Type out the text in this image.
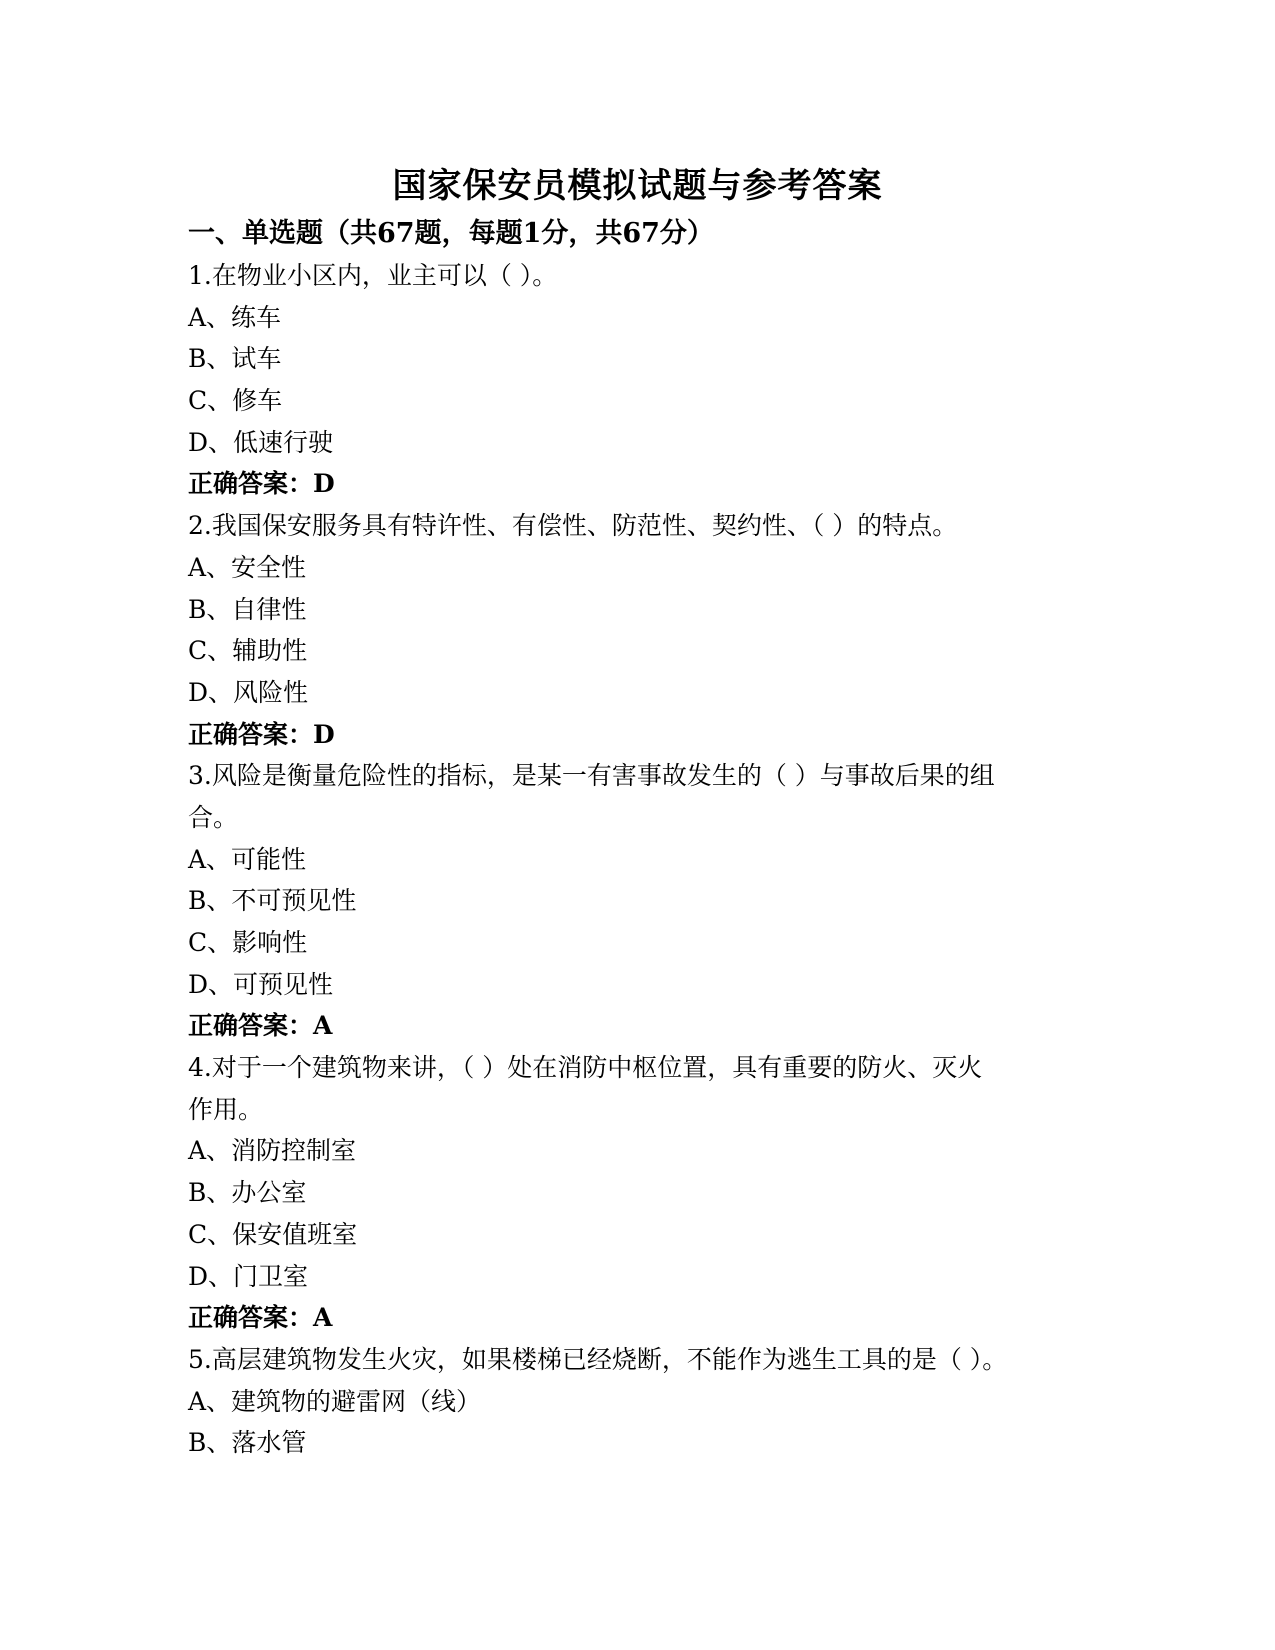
国家保安员模拟试题与参考答案
一、单选题（共67题，每题1分，共67分）
1.在物业小区内，业主可以（ ）。
A、练车
B、试车
C、修车
D、低速行驶
正确答案：D
2.我国保安服务具有特许性、有偿性、防范性、契约性、（ ）的特点。
A、安全性
B、自律性
C、辅助性
D、风险性
正确答案：D
3.风险是衡量危险性的指标，是某一有害事故发生的（ ）与事故后果的组
合。
A、可能性
B、不可预见性
C、影响性
D、可预见性
正确答案：A
4.对于一个建筑物来讲，（ ）处在消防中枢位置，具有重要的防火、灭火
作用。
A、消防控制室
B、办公室
C、保安值班室
D、门卫室
正确答案：A
5.高层建筑物发生火灾，如果楼梯已经烧断，不能作为逃生工具的是（ ）。
A、建筑物的避雷网（线）
B、落水管
